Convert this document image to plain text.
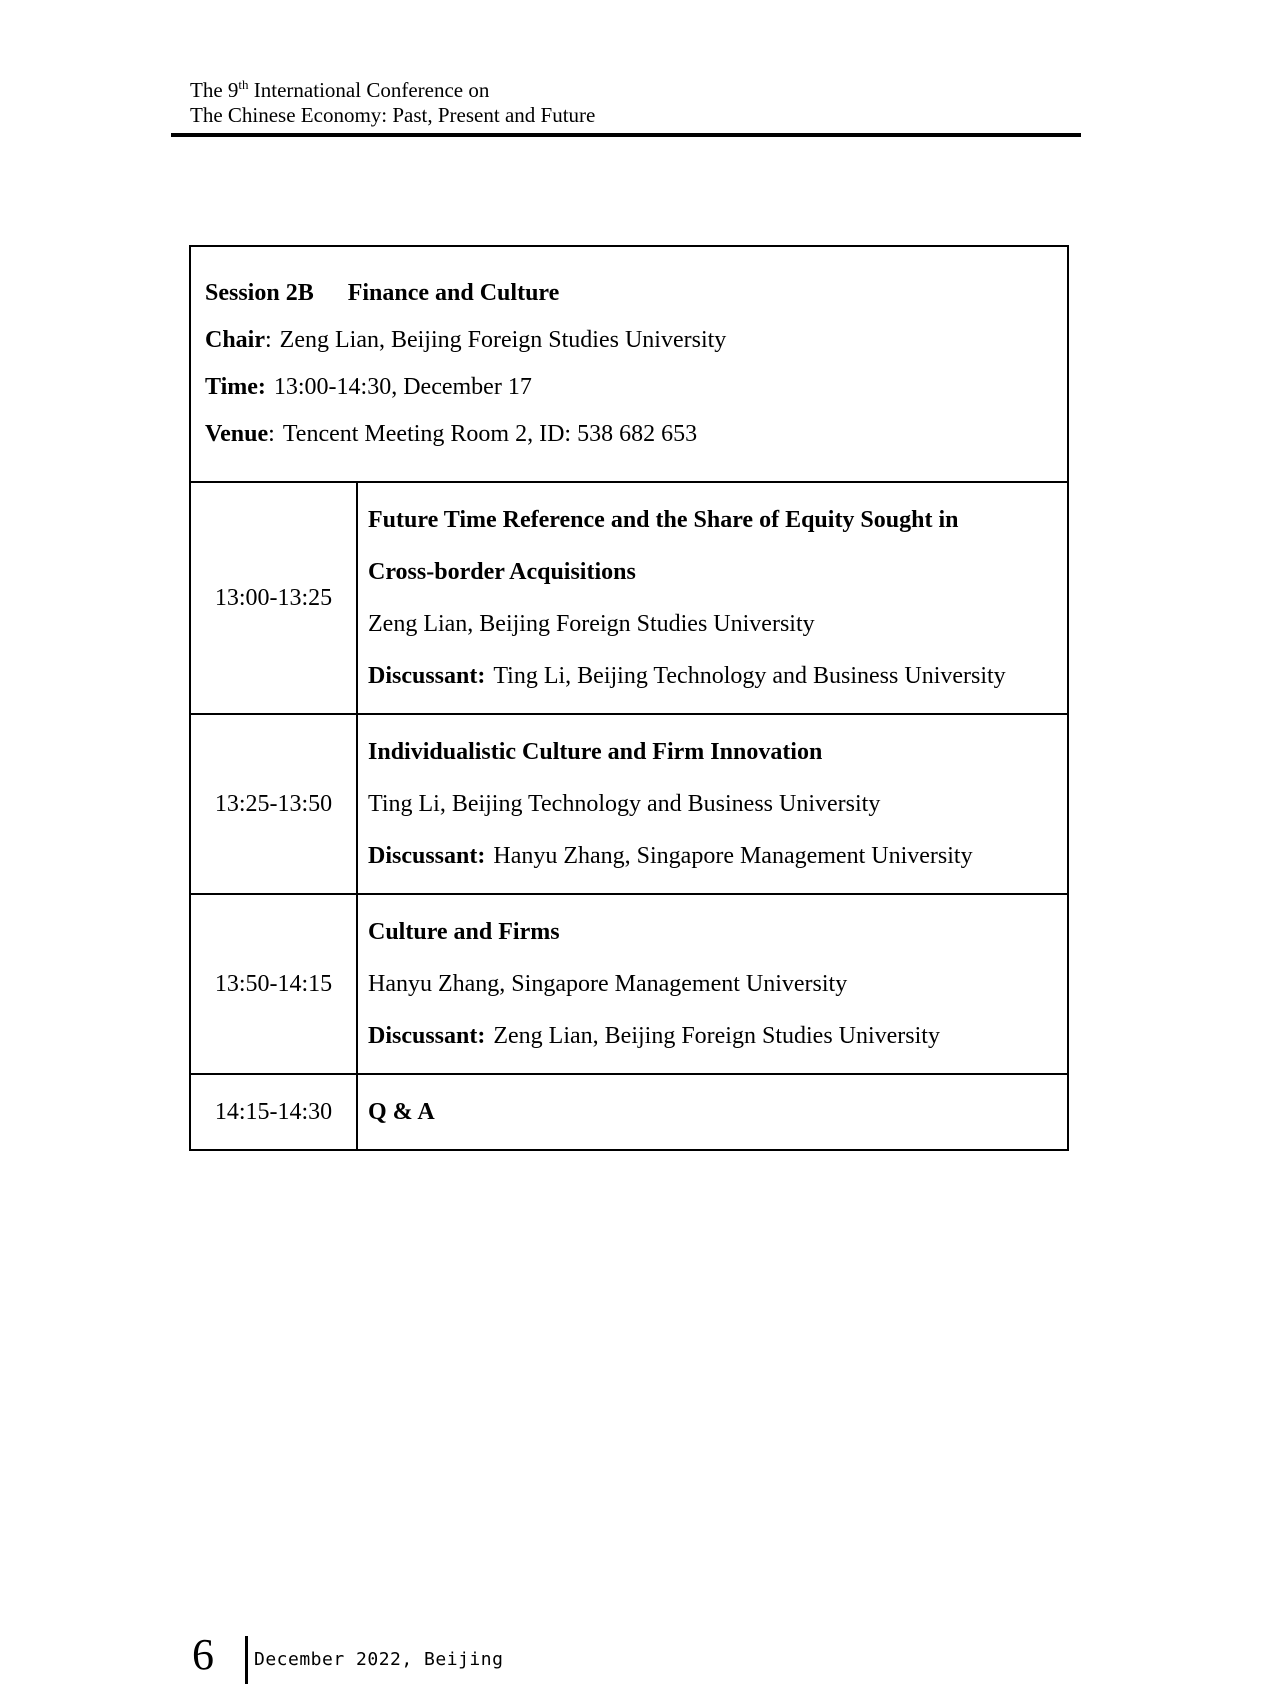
The 9th International Conference on
The Chinese Economy: Past, Present and Future
Session 2B Finance and Culture
Chair: Zeng Lian, Beijing Foreign Studies University
Time: 13:00-14:30, December 17
Venue: Tencent Meeting Room 2, ID: 538 682 653
13:00-13:25
Future Time Reference and the Share of Equity Sought in
Cross-border Acquisitions
Zeng Lian, Beijing Foreign Studies University
Discussant: Ting Li, Beijing Technology and Business University
13:25-13:50
Individualistic Culture and Firm Innovation
Ting Li, Beijing Technology and Business University
Discussant: Hanyu Zhang, Singapore Management University
13:50-14:15
Culture and Firms
Hanyu Zhang, Singapore Management University
Discussant: Zeng Lian, Beijing Foreign Studies University
14:15-14:30	Q & A
6 December 2022, Beijing
